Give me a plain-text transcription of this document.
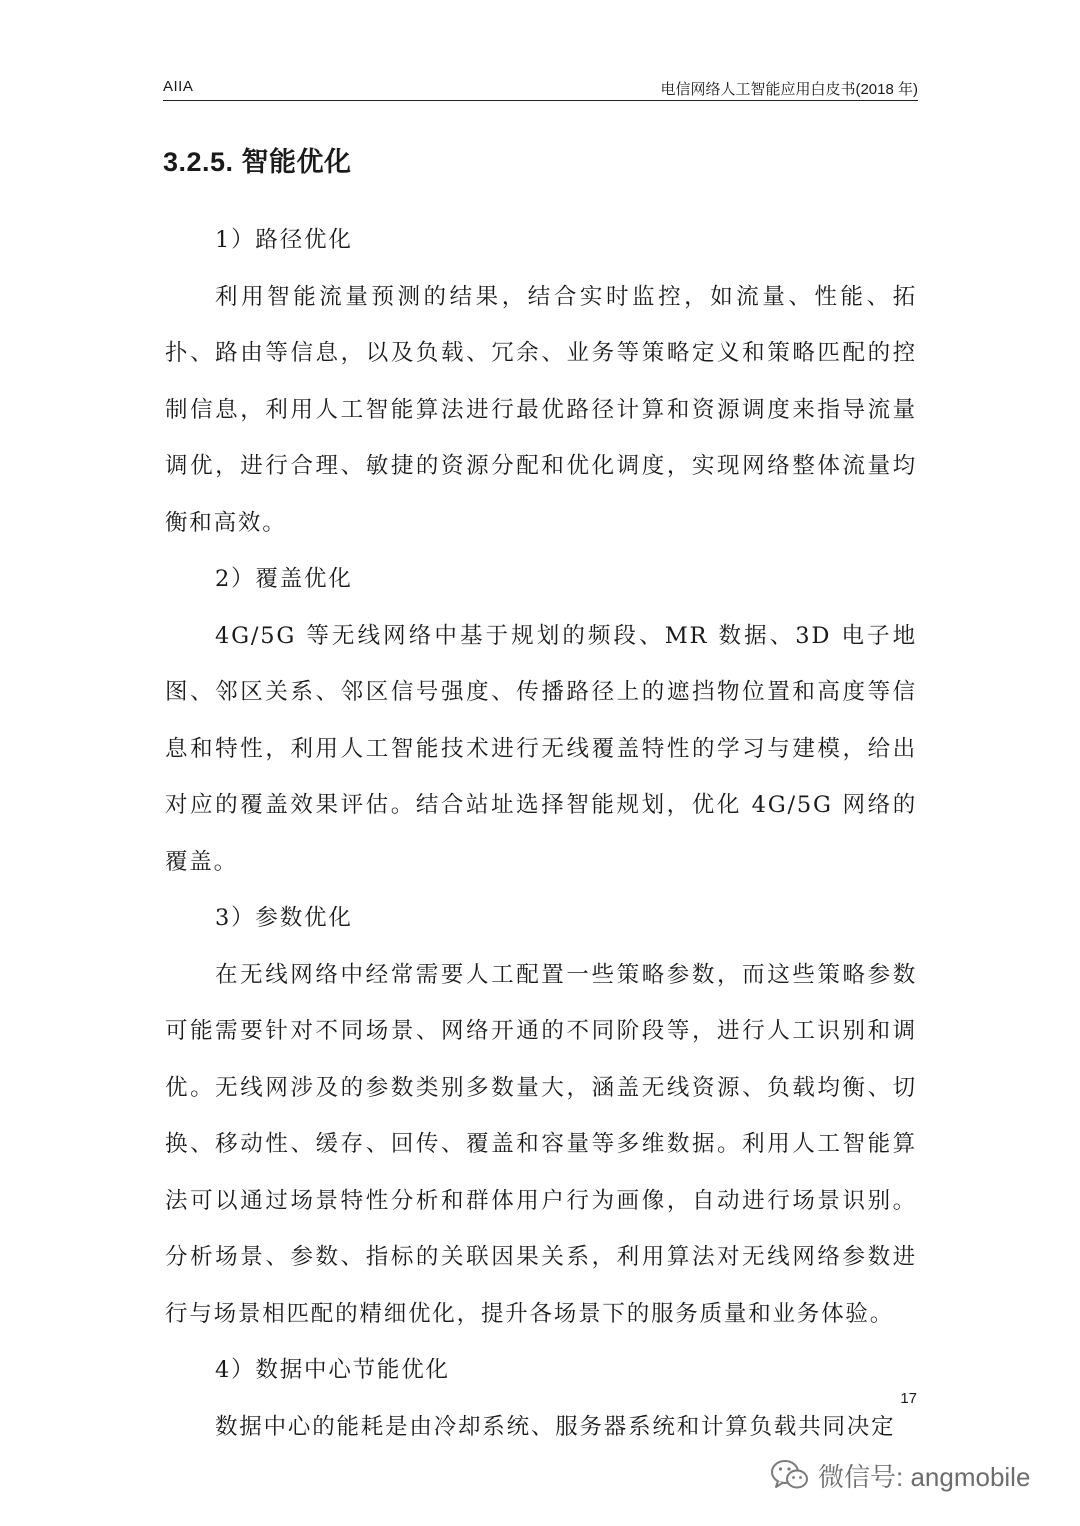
AIIA	电信网络人工智能应用白皮书(2018 年)
3.2.5. 智能优化

1）路径优化

利用智能流量预测的结果，结合实时监控，如流量、性能、拓扑、路由等信息，以及负载、冗余、业务等策略定义和策略匹配的控制信息，利用人工智能算法进行最优路径计算和资源调度来指导流量调优，进行合理、敏捷的资源分配和优化调度，实现网络整体流量均衡和高效。

2）覆盖优化

4G/5G 等无线网络中基于规划的频段、MR 数据、3D 电子地图、邻区关系、邻区信号强度、传播路径上的遮挡物位置和高度等信息和特性，利用人工智能技术进行无线覆盖特性的学习与建模，给出对应的覆盖效果评估。结合站址选择智能规划，优化 4G/5G 网络的覆盖。

3）参数优化

在无线网络中经常需要人工配置一些策略参数，而这些策略参数可能需要针对不同场景、网络开通的不同阶段等，进行人工识别和调优。无线网涉及的参数类别多数量大，涵盖无线资源、负载均衡、切换、移动性、缓存、回传、覆盖和容量等多维数据。利用人工智能算法可以通过场景特性分析和群体用户行为画像，自动进行场景识别。分析场景、参数、指标的关联因果关系，利用算法对无线网络参数进行与场景相匹配的精细优化，提升各场景下的服务质量和业务体验。

4）数据中心节能优化

数据中心的能耗是由冷却系统、服务器系统和计算负载共同决定

17
微信号: angmobile
